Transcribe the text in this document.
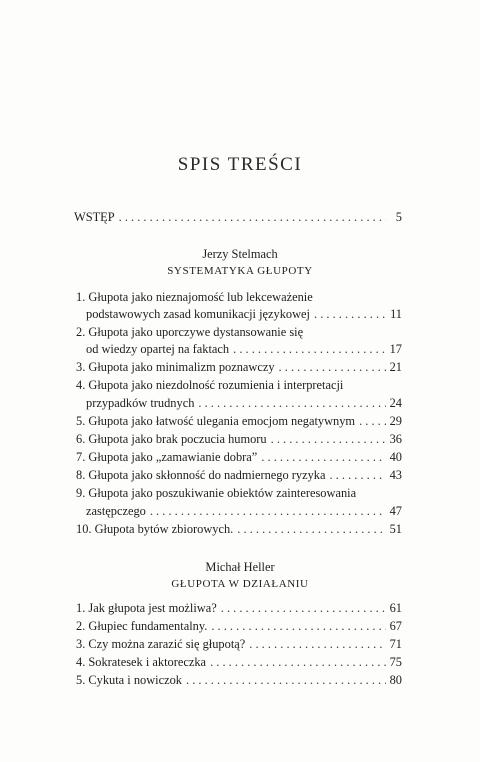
SPIS TREŚCI
WSTĘP . . .	5
Jerzy Stelmach
SYSTEMATYKA GŁUPOTY
1. Głupota jako nieznajomość lub lekceważenie
podstawowych zasad komunikacji językowej . . .	11
2. Głupota jako uporczywe dystansowanie się
od wiedzy opartej na faktach . . .	17
3. Głupota jako minimalizm poznawczy . . .	21
4. Głupota jako niezdolność rozumienia i interpretacji
przypadków trudnych . . .	24
5. Głupota jako łatwość ulegania emocjom negatywnym . . .	29
6. Głupota jako brak poczucia humoru . . .	36
7. Głupota jako „zamawianie dobra” . . .	40
8. Głupota jako skłonność do nadmiernego ryzyka . . .	43
9. Głupota jako poszukiwanie obiektów zainteresowania
zastępczego . . .	47
10. Głupota bytów zbiorowych. . . .	51
Michał Heller
GŁUPOTA W DZIAŁANIU
1. Jak głupota jest możliwa? . . .	61
2. Głupiec fundamentalny. . . .	67
3. Czy można zarazić się głupotą? . . .	71
4. Sokratesek i aktoreczka . . .	75
5. Cykuta i nowiczok . . .	80
